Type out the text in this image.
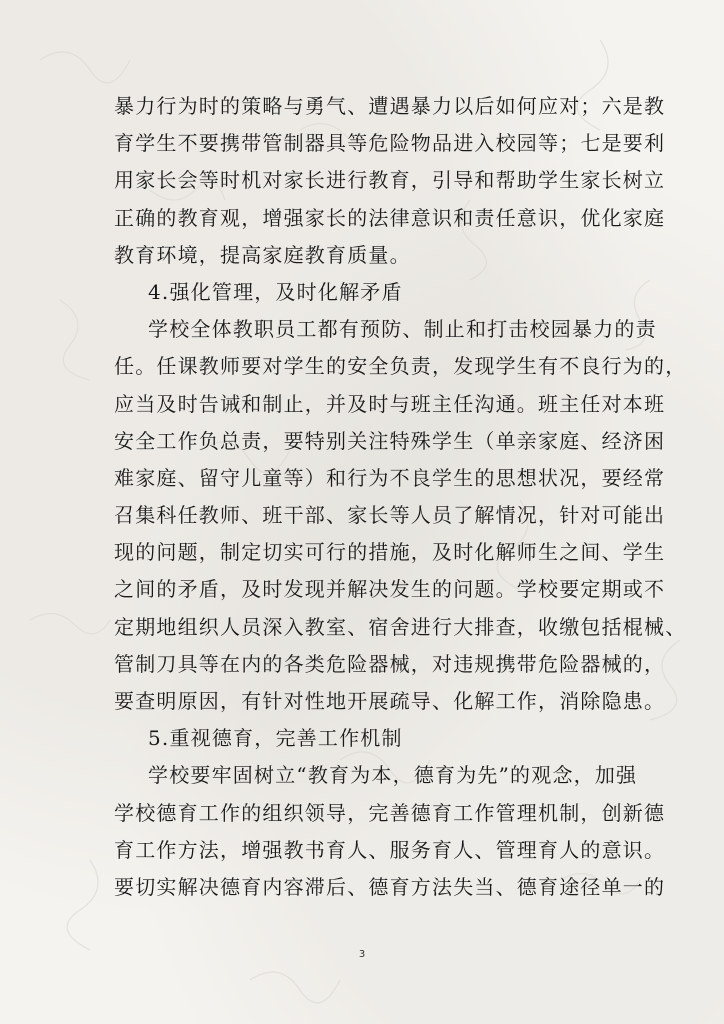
暴力行为时的策略与勇气、遭遇暴力以后如何应对；六是教
育学生不要携带管制器具等危险物品进入校园等；七是要利
用家长会等时机对家长进行教育，引导和帮助学生家长树立
正确的教育观，增强家长的法律意识和责任意识，优化家庭
教育环境，提高家庭教育质量。
4.强化管理，及时化解矛盾
学校全体教职员工都有预防、制止和打击校园暴力的责
任。任课教师要对学生的安全负责，发现学生有不良行为的，
应当及时告诫和制止，并及时与班主任沟通。班主任对本班
安全工作负总责，要特别关注特殊学生（单亲家庭、经济困
难家庭、留守儿童等）和行为不良学生的思想状况，要经常
召集科任教师、班干部、家长等人员了解情况，针对可能出
现的问题，制定切实可行的措施，及时化解师生之间、学生
之间的矛盾，及时发现并解决发生的问题。学校要定期或不
定期地组织人员深入教室、宿舍进行大排查，收缴包括棍械、
管制刀具等在内的各类危险器械，对违规携带危险器械的，
要查明原因，有针对性地开展疏导、化解工作，消除隐患。
5.重视德育，完善工作机制
学校要牢固树立“教育为本，德育为先”的观念，加强
学校德育工作的组织领导，完善德育工作管理机制，创新德
育工作方法，增强教书育人、服务育人、管理育人的意识。
要切实解决德育内容滞后、德育方法失当、德育途径单一的
3
